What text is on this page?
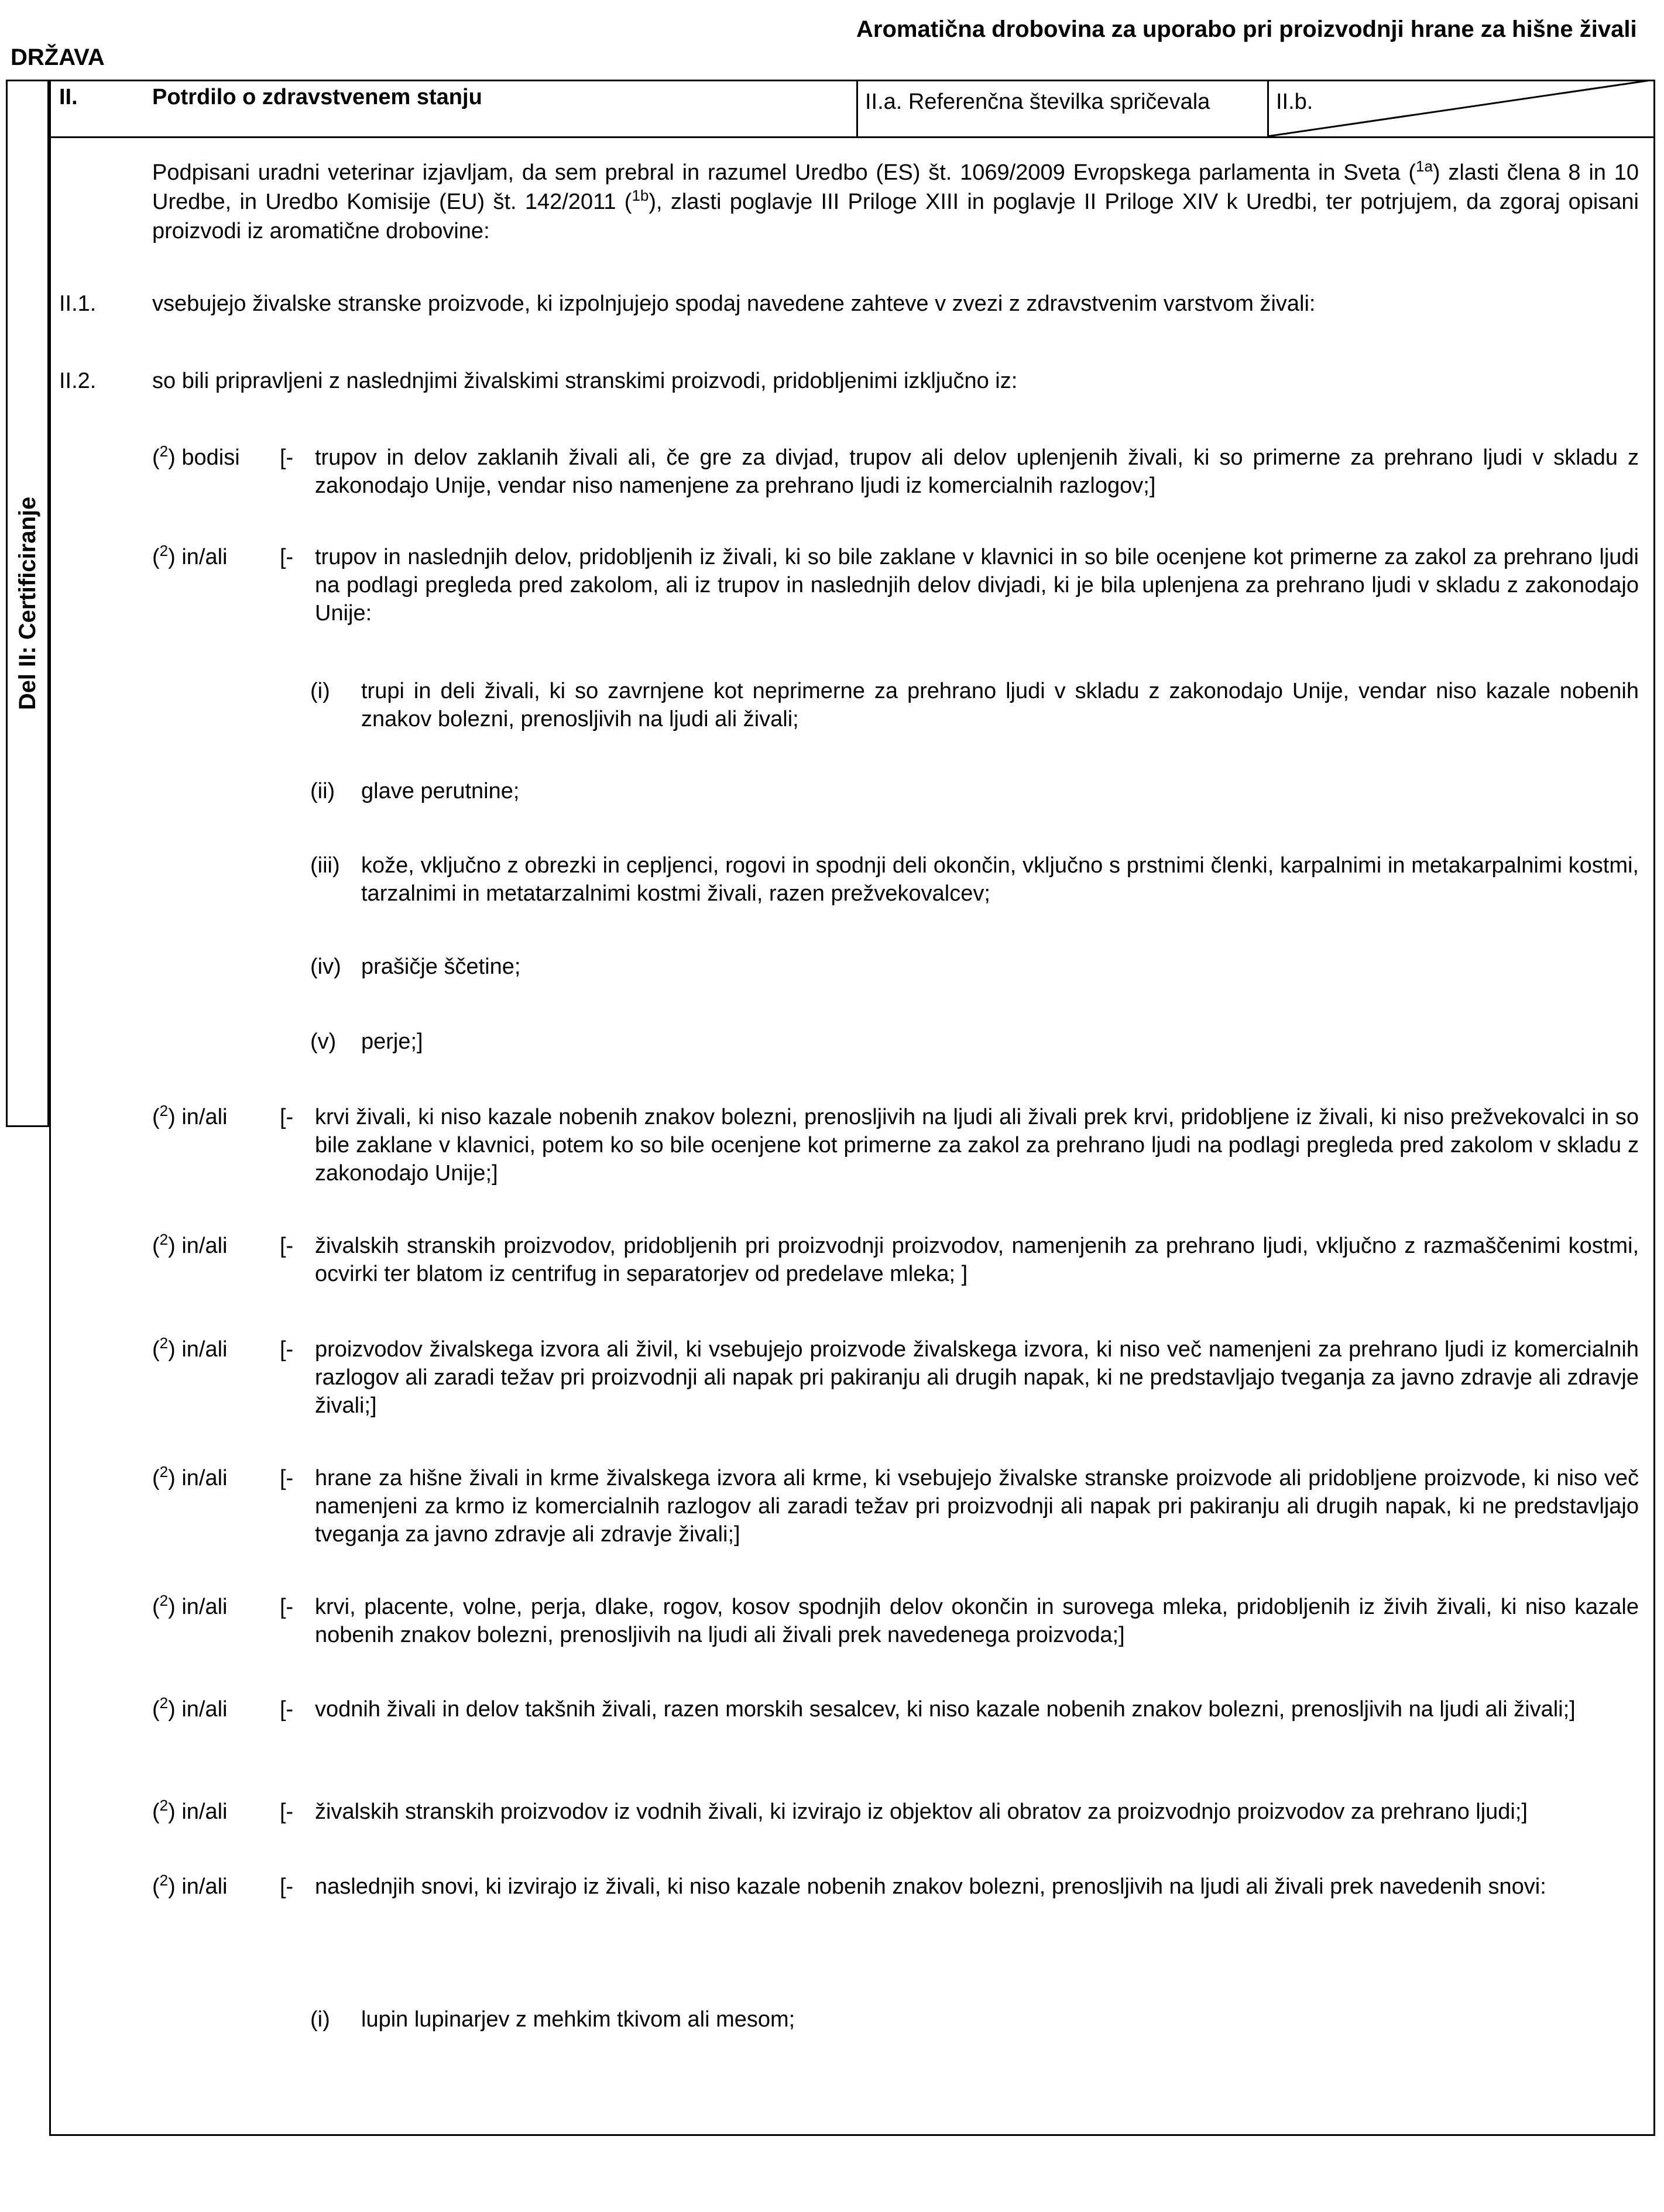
DRŽAVA
Aromatična drobovina za uporabo pri proizvodnji hrane za hišne živali
Del II: Certificiranje
II.	Potrdilo o zdravstvenem stanju	II.a. Referenčna številka spričevala	II.b.
Podpisani uradni veterinar izjavljam, da sem prebral in razumel Uredbo (ES) št. 1069/2009 Evropskega parlamenta in Sveta ($^{1a}$) zlasti člena 8 in 10 Uredbe, in Uredbo Komisije (EU) št. 142/2011 ($^{1b}$), zlasti poglavje III Priloge XIII in poglavje II Priloge XIV k Uredbi, ter potrjujem, da zgoraj opisani proizvodi iz aromatične drobovine:
II.1.	vsebujejo živalske stranske proizvode, ki izpolnjujejo spodaj navedene zahteve v zvezi z zdravstvenim varstvom živali:
II.2.	so bili pripravljeni z naslednjimi živalskimi stranskimi proizvodi, pridobljenimi izključno iz:
($^2$) bodisi [- trupov in delov zaklanih živali ali, če gre za divjad, trupov ali delov uplenjenih živali, ki so primerne za prehrano ljudi v skladu z zakonodajo Unije, vendar niso namenjene za prehrano ljudi iz komercialnih razlogov;]
($^2$) in/ali [- trupov in naslednjih delov, pridobljenih iz živali, ki so bile zaklane v klavnici in so bile ocenjene kot primerne za zakol za prehrano ljudi na podlagi pregleda pred zakolom, ali iz trupov in naslednjih delov divjadi, ki je bila uplenjena za prehrano ljudi v skladu z zakonodajo Unije:
(i) trupi in deli živali, ki so zavrnjene kot neprimerne za prehrano ljudi v skladu z zakonodajo Unije, vendar niso kazale nobenih znakov bolezni, prenosljivih na ljudi ali živali;
(ii) glave perutnine;
(iii) kože, vključno z obrezki in cepljenci, rogovi in spodnji deli okončin, vključno s prstnimi členki, karpalnimi in metakarpalnimi kostmi, tarzalnimi in metatarzalnimi kostmi živali, razen prežvekovalcev;
(iv) prašičje ščetine;
(v) perje;]
($^2$) in/ali [- krvi živali, ki niso kazale nobenih znakov bolezni, prenosljivih na ljudi ali živali prek krvi, pridobljene iz živali, ki niso prežvekovalci in so bile zaklane v klavnici, potem ko so bile ocenjene kot primerne za zakol za prehrano ljudi na podlagi pregleda pred zakolom v skladu z zakonodajo Unije;]
($^2$) in/ali [- živalskih stranskih proizvodov, pridobljenih pri proizvodnji proizvodov, namenjenih za prehrano ljudi, vključno z razmaščenimi kostmi, ocvirki ter blatom iz centrifug in separatorjev od predelave mleka; ]
($^2$) in/ali [- proizvodov živalskega izvora ali živil, ki vsebujejo proizvode živalskega izvora, ki niso več namenjeni za prehrano ljudi iz komercialnih razlogov ali zaradi težav pri proizvodnji ali napak pri pakiranju ali drugih napak, ki ne predstavljajo tveganja za javno zdravje ali zdravje živali;]
($^2$) in/ali [- hrane za hišne živali in krme živalskega izvora ali krme, ki vsebujejo živalske stranske proizvode ali pridobljene proizvode, ki niso več namenjeni za krmo iz komercialnih razlogov ali zaradi težav pri proizvodnji ali napak pri pakiranju ali drugih napak, ki ne predstavljajo tveganja za javno zdravje ali zdravje živali;]
($^2$) in/ali [- krvi, placente, volne, perja, dlake, rogov, kosov spodnjih delov okončin in surovega mleka, pridobljenih iz živih živali, ki niso kazale nobenih znakov bolezni, prenosljivih na ljudi ali živali prek navedenega proizvoda;]
($^2$) in/ali [- vodnih živali in delov takšnih živali, razen morskih sesalcev, ki niso kazale nobenih znakov bolezni, prenosljivih na ljudi ali živali;]
($^2$) in/ali [- živalskih stranskih proizvodov iz vodnih živali, ki izvirajo iz objektov ali obratov za proizvodnjo proizvodov za prehrano ljudi;]
($^2$) in/ali [- naslednjih snovi, ki izvirajo iz živali, ki niso kazale nobenih znakov bolezni, prenosljivih na ljudi ali živali prek navedenih snovi:
(i) lupin lupinarjev z mehkim tkivom ali mesom;
